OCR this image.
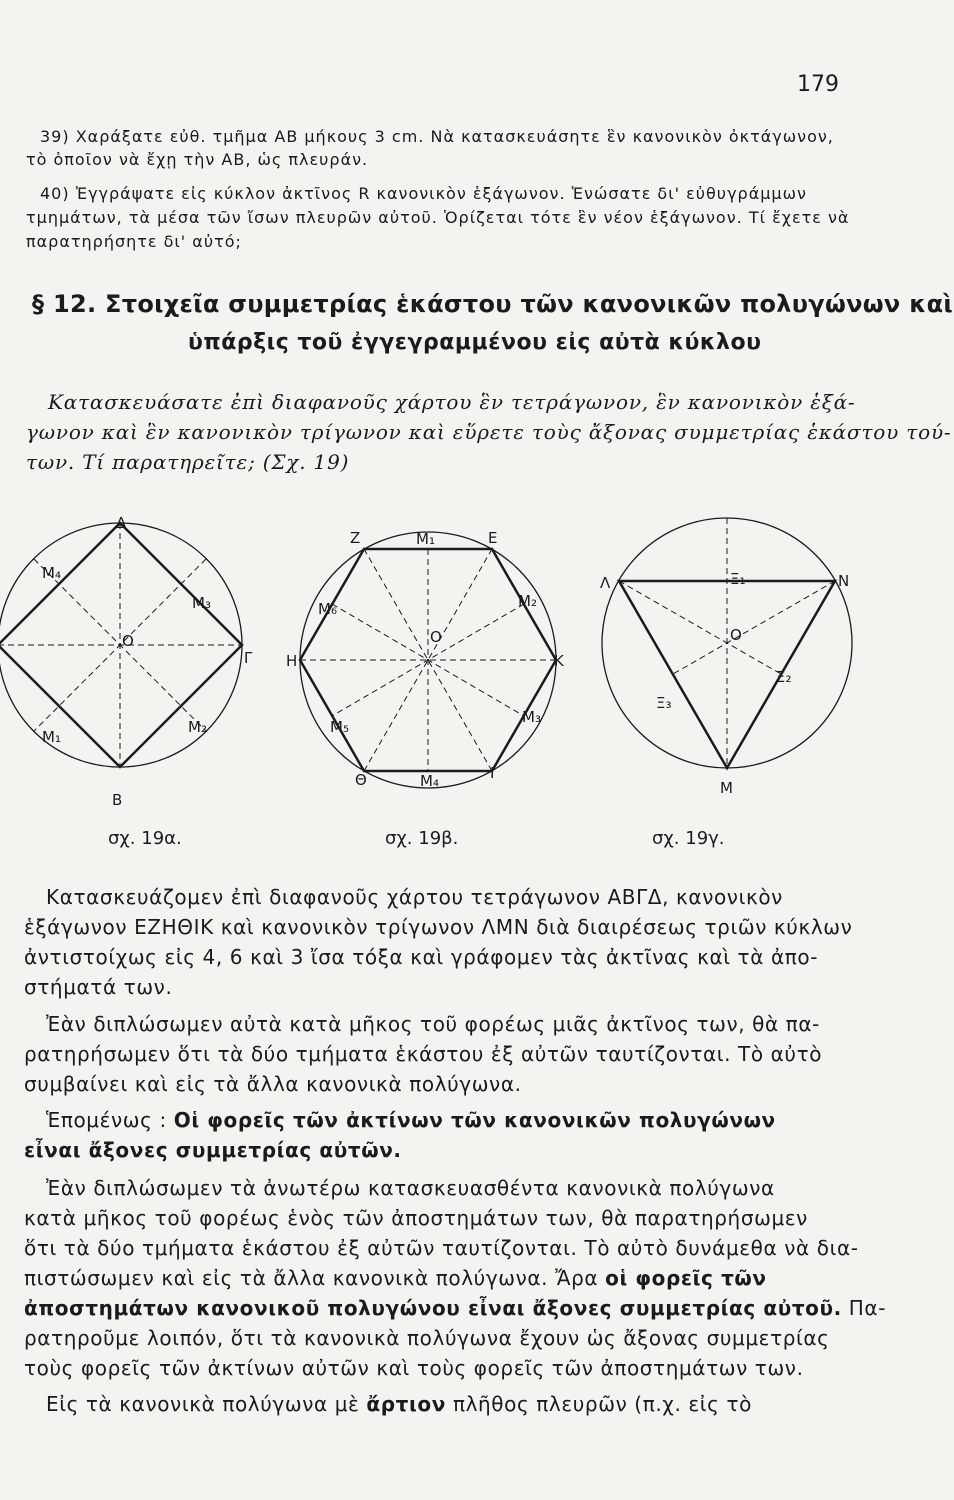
179
39) Χαράξατε εὐθ. τμῆμα ΑΒ μήκους 3 cm. Νὰ κατασκευάσητε ἓν κανονικὸν ὀκτάγωνον,
τὸ ὁποῖον νὰ ἔχῃ τὴν ΑΒ, ὡς πλευράν.
40) Ἐγγράψατε εἰς κύκλον ἀκτῖνος R κανονικὸν ἑξάγωνον. Ἑνώσατε δι' εὐθυγράμμων
τμημάτων, τὰ μέσα τῶν ἴσων πλευρῶν αὐτοῦ. Ὁρίζεται τότε ἓν νέον ἑξάγωνον. Τί ἔχετε νὰ
παρατηρήσητε δι' αὐτό;
§ 12. Στοιχεῖα συμμετρίας ἑκάστου τῶν κανονικῶν πολυγώνων καὶ
ὑπάρξις τοῦ ἐγγεγραμμένου εἰς αὐτὰ κύκλου
Κατασκευάσατε ἐπὶ διαφανοῦς χάρτου ἓν τετράγωνον, ἓν κανονικὸν ἑξά-
γωνον καὶ ἓν κανονικὸν τρίγωνον καὶ εὕρετε τοὺς ἄξονας συμμετρίας ἑκάστου τού-
των. Τί παρατηρεῖτε; (Σχ. 19)
Δ
Β
Γ
Ο
M₄
M₃
M₂
M₁
Ζ	Ε
Μ₁
Η	Κ
Θ	Ι
Ο
Μ₂
Μ₃
Μ₄
Μ₅
Μ₆
Λ	Ν
Μ
Ο
Ξ₁
Ξ₂
Ξ₃
σχ. 19α.	σχ. 19β.	σχ. 19γ.
Κατασκευάζομεν ἐπὶ διαφανοῦς χάρτου τετράγωνον ΑΒΓΔ, κανονικὸν
ἑξάγωνον ΕΖΗΘΙΚ καὶ κανονικὸν τρίγωνον ΛΜΝ διὰ διαιρέσεως τριῶν κύκλων
ἀντιστοίχως εἰς 4, 6 καὶ 3 ἴσα τόξα καὶ γράφομεν τὰς ἀκτῖνας καὶ τὰ ἀπο-
στήματά των.
Ἐὰν διπλώσωμεν αὐτὰ κατὰ μῆκος τοῦ φορέως μιᾶς ἀκτῖνος των, θὰ πα-
ρατηρήσωμεν ὅτι τὰ δύο τμήματα ἑκάστου ἐξ αὐτῶν ταυτίζονται. Τὸ αὐτὸ
συμβαίνει καὶ εἰς τὰ ἄλλα κανονικὰ πολύγωνα.
Ἑπομένως : Οἱ φορεῖς τῶν ἀκτίνων τῶν κανονικῶν πολυγώνων
εἶναι ἄξονες συμμετρίας αὐτῶν.
Ἐὰν διπλώσωμεν τὰ ἀνωτέρω κατασκευασθέντα κανονικὰ πολύγωνα
κατὰ μῆκος τοῦ φορέως ἑνὸς τῶν ἀποστημάτων των, θὰ παρατηρήσωμεν
ὅτι τὰ δύο τμήματα ἑκάστου ἐξ αὐτῶν ταυτίζονται. Τὸ αὐτὸ δυνάμεθα νὰ δια-
πιστώσωμεν καὶ εἰς τὰ ἄλλα κανονικὰ πολύγωνα. Ἄρα οἱ φορεῖς τῶν
ἀποστημάτων κανονικοῦ πολυγώνου εἶναι ἄξονες συμμετρίας αὐτοῦ. Πα-
ρατηροῦμε λοιπόν, ὅτι τὰ κανονικὰ πολύγωνα ἔχουν ὡς ἄξονας συμμετρίας
τοὺς φορεῖς τῶν ἀκτίνων αὐτῶν καὶ τοὺς φορεῖς τῶν ἀποστημάτων των.
Εἰς τὰ κανονικὰ πολύγωνα μὲ ἄρτιον πλῆθος πλευρῶν (π.χ. εἰς τὸ
